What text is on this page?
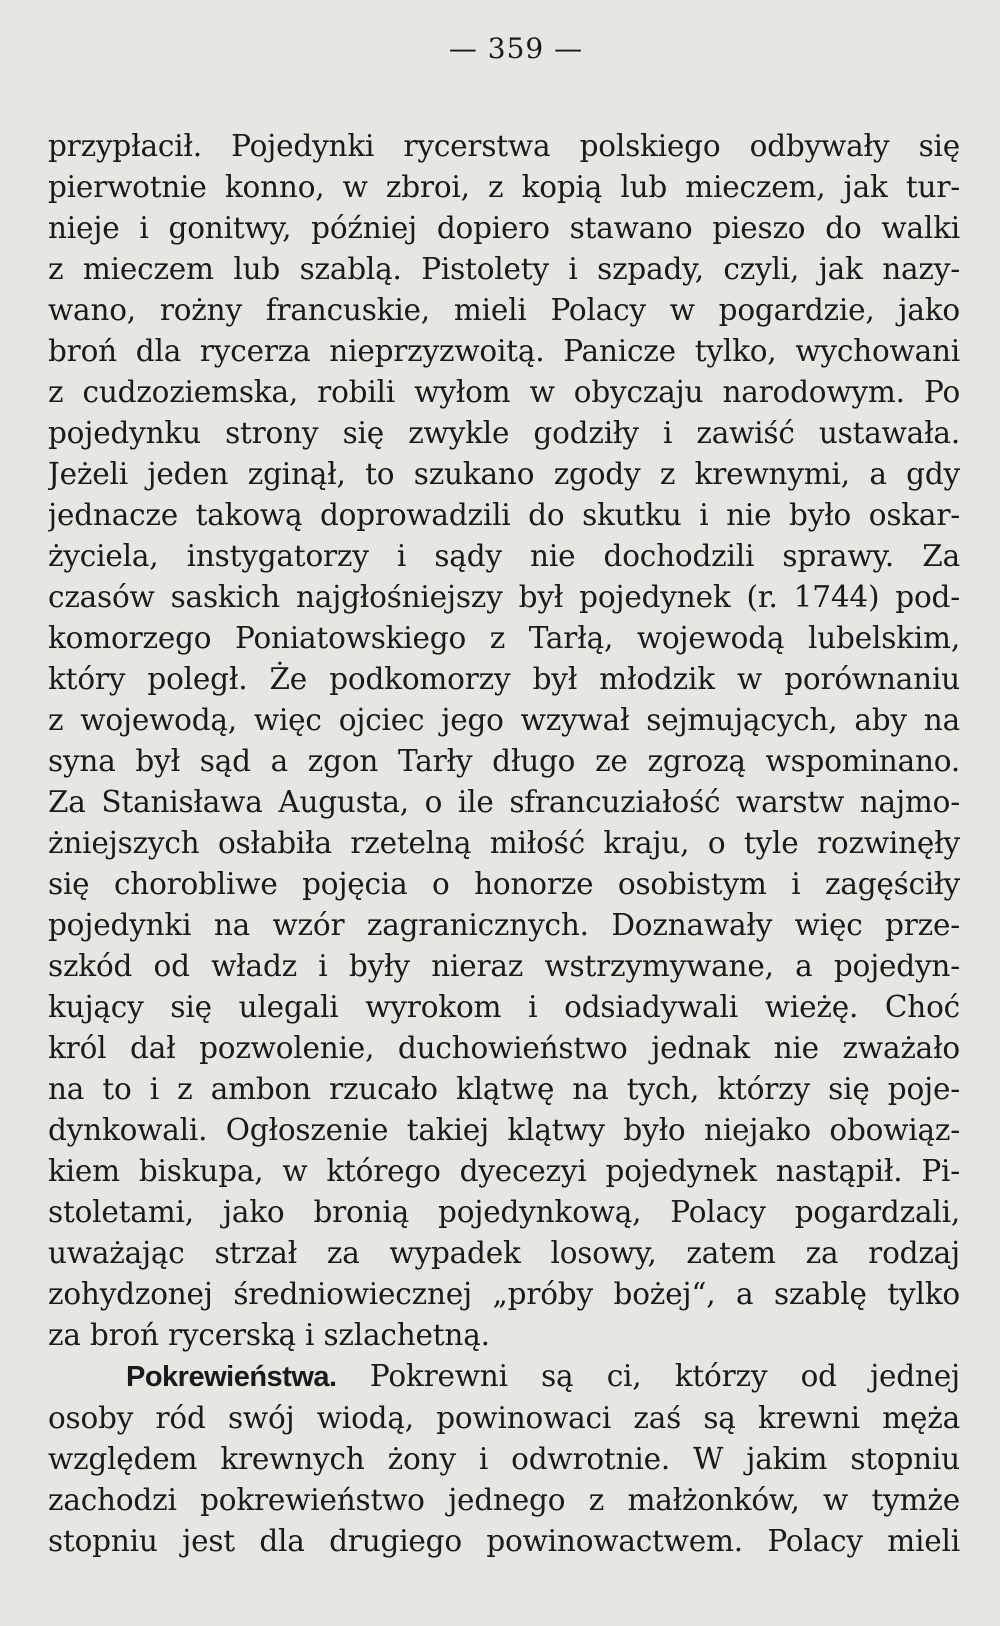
— 359 —
przypłacił. Pojedynki rycerstwa polskiego odbywały się
pierwotnie konno, w zbroi, z kopią lub mieczem, jak tur-
nieje i gonitwy, później dopiero stawano pieszo do walki
z mieczem lub szablą. Pistolety i szpady, czyli, jak nazy-
wano, rożny francuskie, mieli Polacy w pogardzie, jako
broń dla rycerza nieprzyzwoitą. Panicze tylko, wychowani
z cudzoziemska, robili wyłom w obyczaju narodowym. Po
pojedynku strony się zwykle godziły i zawiść ustawała.
Jeżeli jeden zginął, to szukano zgody z krewnymi, a gdy
jednacze takową doprowadzili do skutku i nie było oskar-
życiela, instygatorzy i sądy nie dochodzili sprawy. Za
czasów saskich najgłośniejszy był pojedynek (r. 1744) pod-
komorzego Poniatowskiego z Tarłą, wojewodą lubelskim,
który poległ. Że podkomorzy był młodzik w porównaniu
z wojewodą, więc ojciec jego wzywał sejmujących, aby na
syna był sąd a zgon Tarły długo ze zgrozą wspominano.
Za Stanisława Augusta, o ile sfrancuziałość warstw najmo-
żniejszych osłabiła rzetelną miłość kraju, o tyle rozwinęły
się chorobliwe pojęcia o honorze osobistym i zagęściły
pojedynki na wzór zagranicznych. Doznawały więc prze-
szkód od władz i były nieraz wstrzymywane, a pojedyn-
kujący się ulegali wyrokom i odsiadywali wieżę. Choć
król dał pozwolenie, duchowieństwo jednak nie zważało
na to i z ambon rzucało klątwę na tych, którzy się poje-
dynkowali. Ogłoszenie takiej klątwy było niejako obowiąz-
kiem biskupa, w którego dyecezyi pojedynek nastąpił. Pi-
stoletami, jako bronią pojedynkową, Polacy pogardzali,
uważając strzał za wypadek losowy, zatem za rodzaj
zohydzonej średniowiecznej „próby bożej“, a szablę tylko
za broń rycerską i szlachetną.
Pokrewieństwa. Pokrewni są ci, którzy od jednej
osoby ród swój wiodą, powinowaci zaś są krewni męża
względem krewnych żony i odwrotnie. W jakim stopniu
zachodzi pokrewieństwo jednego z małżonków, w tymże
stopniu jest dla drugiego powinowactwem. Polacy mieli
